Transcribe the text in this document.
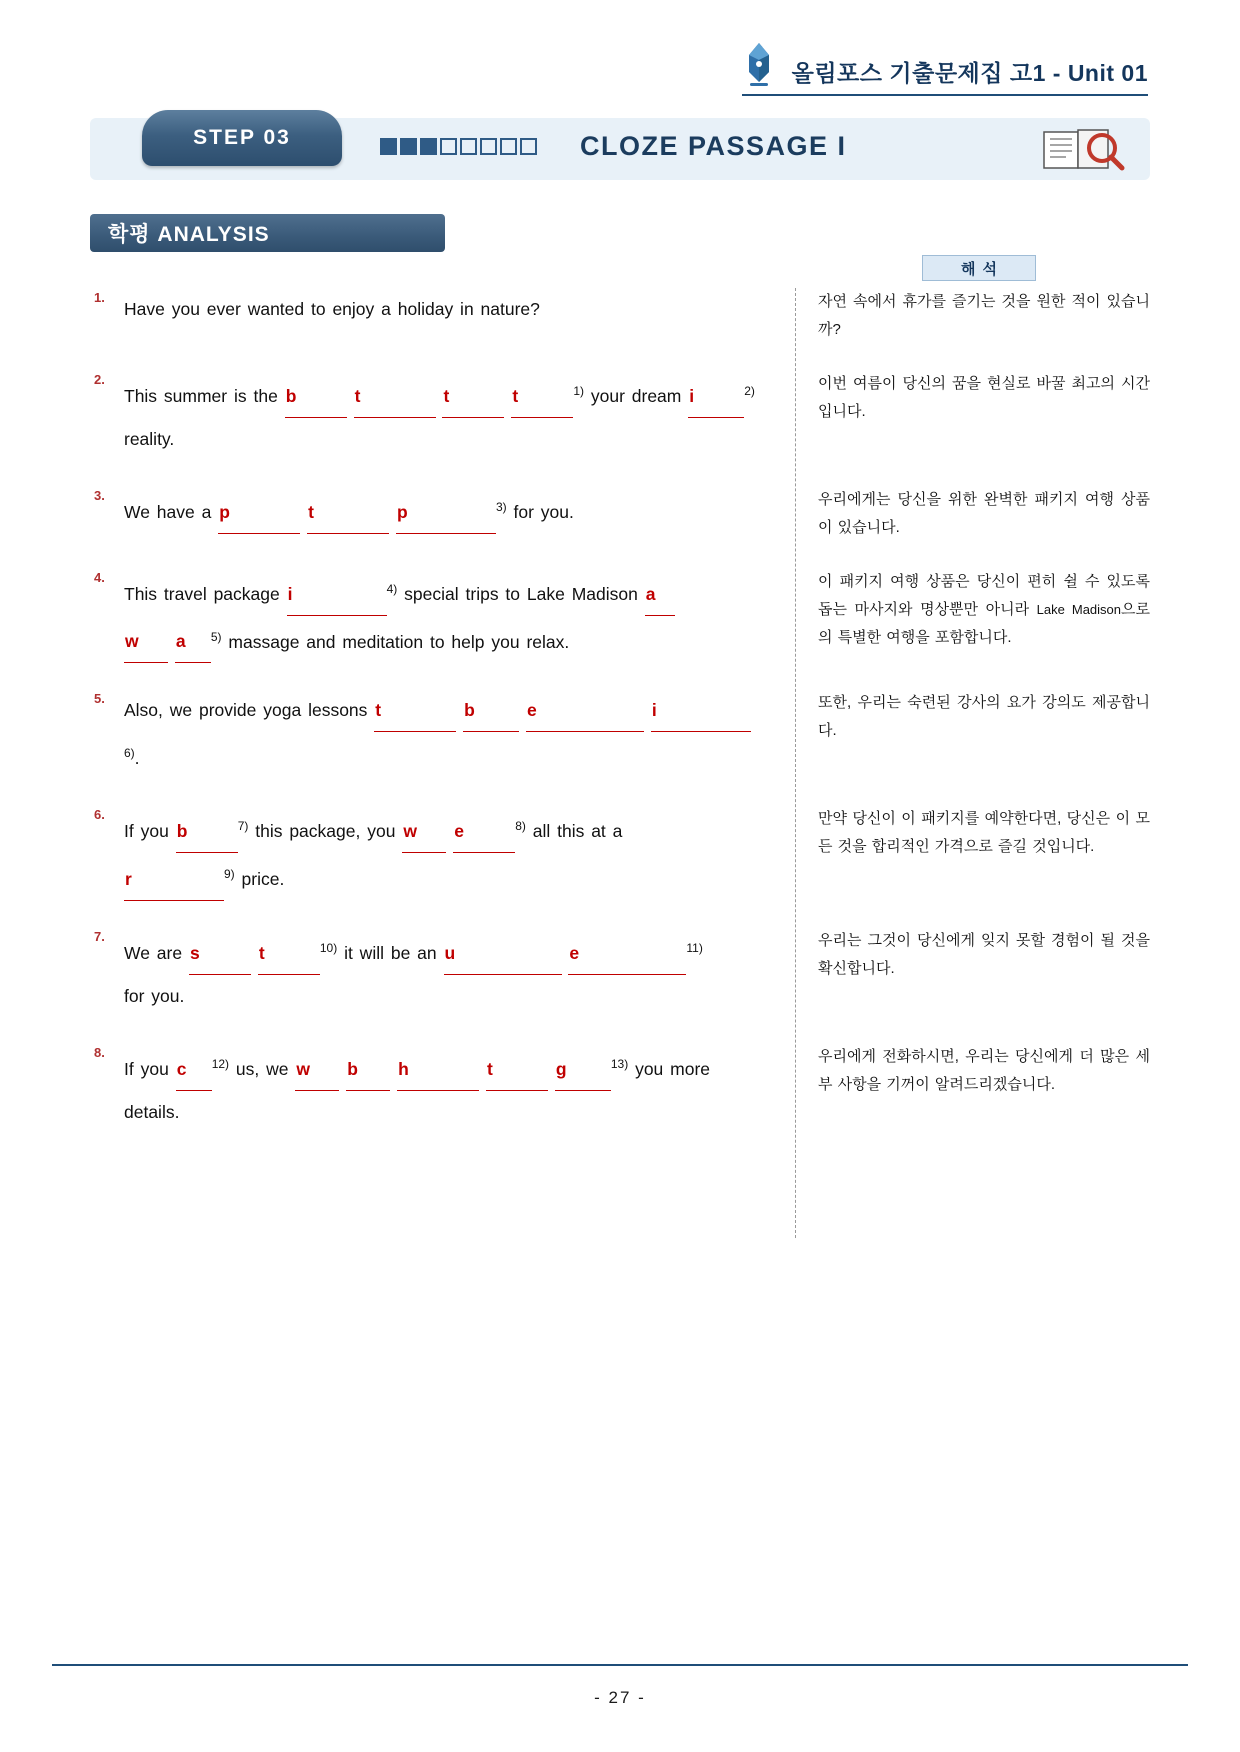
올림포스 기출문제집 고1 - Unit 01
STEP 03	CLOZE PASSAGE I
학평 ANALYSIS
해석
1.
Have you ever wanted to enjoy a holiday in nature?	자연 속에서 휴가를 즐기는 것을 원한 적이 있습니까?
2.
This summer is the b	t	t	t	$^{1)}$ your dream i	$^{2)}$
reality.
이번 여름이 당신의 꿈을 현실로 바꿀 최고의 시간입니다.
3.
We have a p	t	p	$^{3)}$ for you.
우리에게는 당신을 위한 완벽한 패키지 여행 상품이 있습니다.
4.
This travel package i	$^{4)}$ special trips to Lake Madison a
w a $^{5)}$ massage and meditation to help you relax.
이 패키지 여행 상품은 당신이 편히 쉴 수 있도록 돕는 마사지와 명상뿐만 아니라 Lake Madison으로의 특별한 여행을 포함합니다.
5.
Also, we provide yoga lessons t	b	e	i
$^{6)}$.
또한, 우리는 숙련된 강사의 요가 강의도 제공합니다.
6.
If you b	$^{7)}$ this package, you w e	$^{8)}$ all this at a
r	$^{9)}$ price.
만약 당신이 이 패키지를 예약한다면, 당신은 이 모든 것을 합리적인 가격으로 즐길 것입니다.
7.
We are s	t	$^{10)}$ it will be an u	e	$^{11)}$
for you.
우리는 그것이 당신에게 잊지 못할 경험이 될 것을 확신합니다.
8.
If you c $^{12)}$ us, we w b h	t	g	$^{13)}$ you more
details.
우리에게 전화하시면, 우리는 당신에게 더 많은 세부 사항을 기꺼이 알려드리겠습니다.
- 27 -
